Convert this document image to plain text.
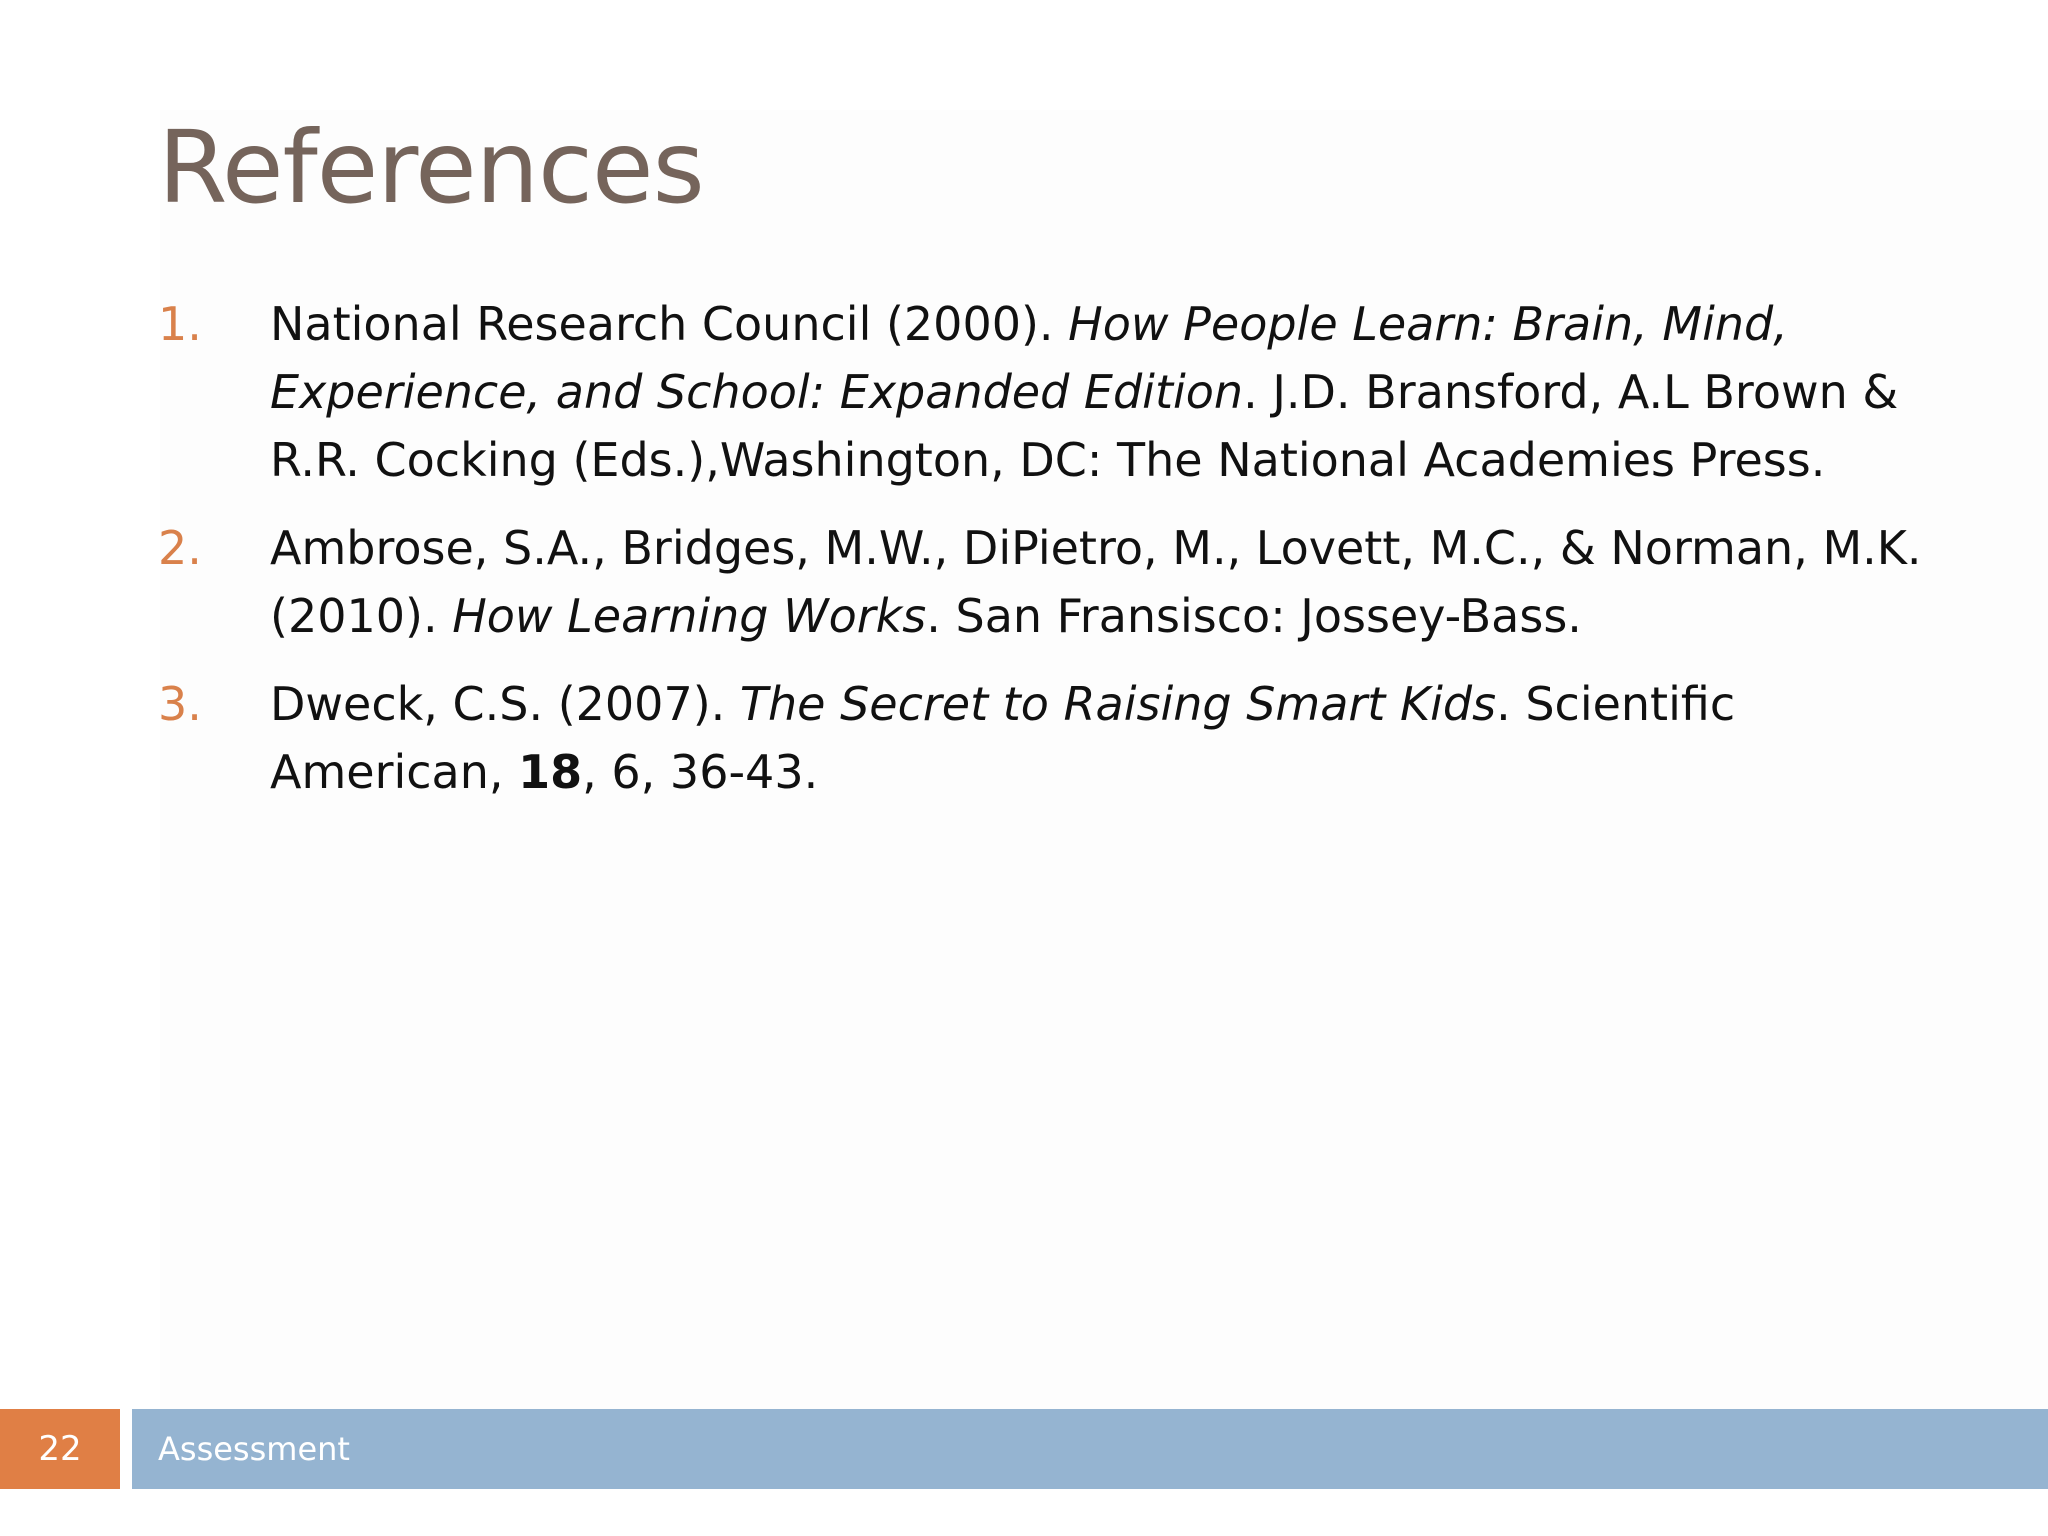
References
1. National Research Council (2000). How People Learn: Brain, Mind, Experience, and School: Expanded Edition. J.D. Bransford, A.L Brown & R.R. Cocking (Eds.),Washington, DC: The National Academies Press.
2. Ambrose, S.A., Bridges, M.W., DiPietro, M., Lovett, M.C., & Norman, M.K. (2010). How Learning Works. San Fransisco: Jossey-Bass.
3. Dweck, C.S. (2007). The Secret to Raising Smart Kids. Scientific American, 18, 6, 36-43.
22	Assessment
